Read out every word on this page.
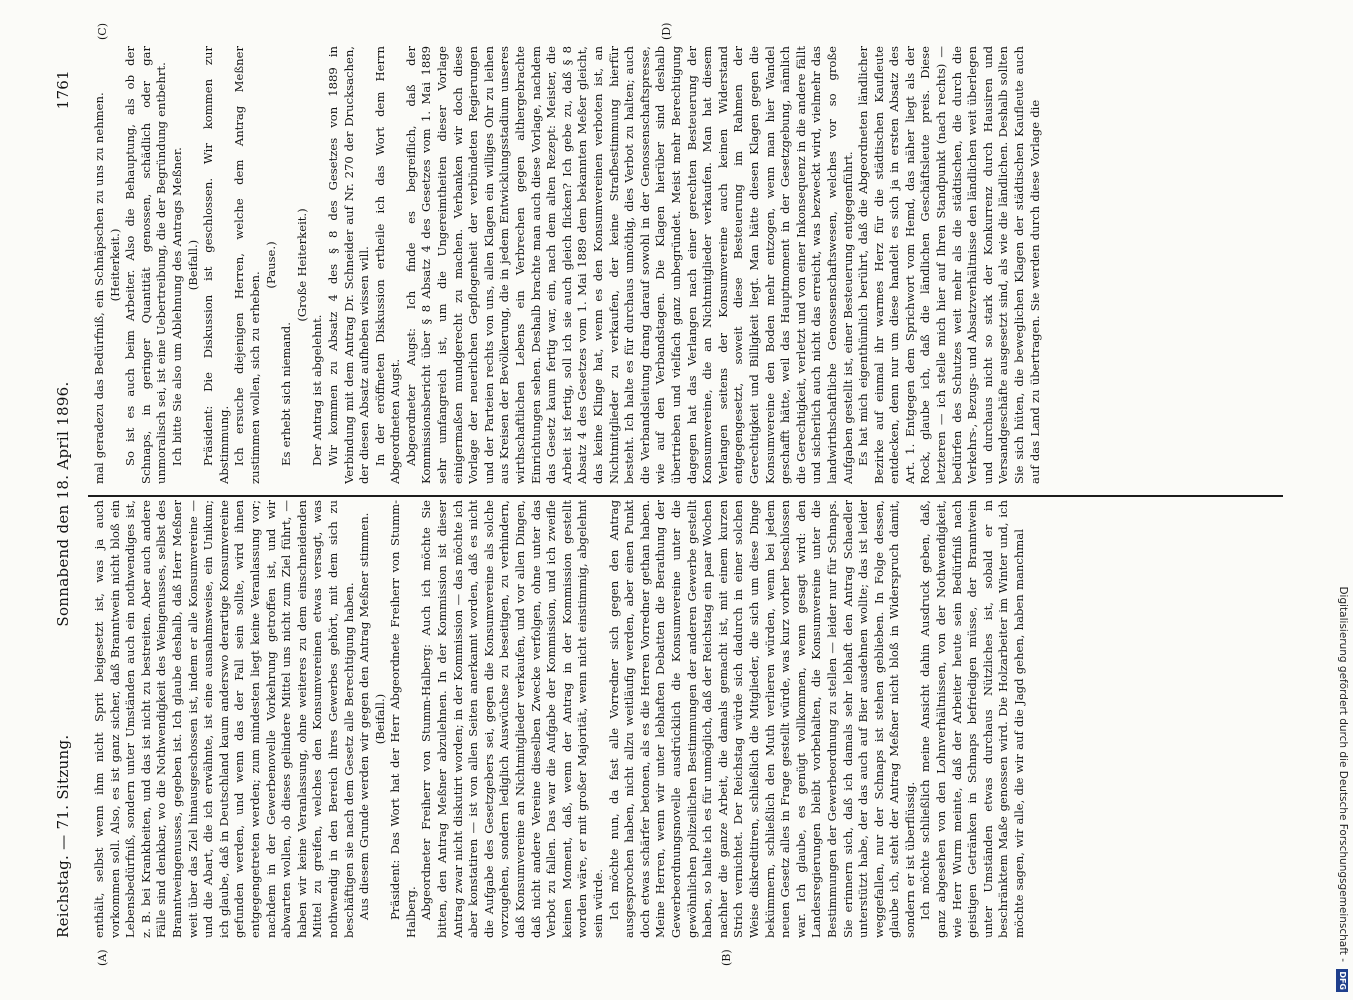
Reichstag. — 71. Sitzung.
Sonnabend den 18. April 1896.
1761
(A)	(B)
(C)	(D)

enthält, selbst wenn ihm nicht Sprit beigesetzt ist, was ja auch vorkommen soll. Also, es ist ganz sicher, daß Branntwein nicht bloß ein Lebensbedürfniß, sondern unter Umständen auch ein nothwendiges ist, z. B. bei Krankheiten, und das ist nicht zu bestreiten. Aber auch andere Fälle sind denkbar, wo die Nothwendigkeit des Weingenusses, selbst des Branntweingenusses, gegeben ist. Ich glaube deshalb, daß Herr Meßner weit über das Ziel hinausgeschossen ist, indem er alle Konsumvereine — und die Abart, die ich erwähnte, ist eine ausnahmsweise, ein Unikum; ich glaube, daß in Deutschland kaum anderswo derartige Konsumvereine gefunden werden, und wenn das der Fall sein sollte, wird ihnen entgegengetreten werden; zum mindesten liegt keine Veranlassung vor; nachdem in der Gewerbenovelle Vorkehrung getroffen ist, und wir abwarten wollen, ob dieses gelindere Mittel uns nicht zum Ziel führt, — haben wir keine Veranlassung, ohne weiteres zu dem einschneidenden Mittel zu greifen, welches den Konsumvereinen etwas versagt, was nothwendig in den Bereich ihres Gewerbes gehört, mit dem sich zu beschäftigen sie nach dem Gesetz alle Berechtigung haben. Aus diesem Grunde werden wir gegen den Antrag Meßner stimmen. (Beifall.) Präsident: Das Wort hat der Herr Abgeordnete Freiherr von Stumm-Halberg. Abgeordneter Freiherr von Stumm-Halberg: Auch ich möchte Sie bitten, den Antrag Meßner abzulehnen. In der Kommission ist dieser Antrag zwar nicht diskutirt worden; in der Kommission — das möchte ich aber konstatiren — ist von allen Seiten anerkannt worden, daß es nicht die Aufgabe des Gesetzgebers sei, gegen die Konsumvereine als solche vorzugehen, sondern lediglich Auswüchse zu beseitigen, zu verhindern, daß Konsumvereine an Nichtmitglieder verkaufen, und vor allen Dingen, daß nicht andere Vereine dieselben Zwecke verfolgen, ohne unter das Verbot zu fallen. Das war die Aufgabe der Kommission, und ich zweifle keinen Moment, daß, wenn der Antrag in der Kommission gestellt worden wäre, er mit großer Majorität, wenn nicht einstimmig, abgelehnt sein würde. Ich möchte nun, da fast alle Vorredner sich gegen den Antrag ausgesprochen haben, nicht allzu weitläufig werden, aber einen Punkt doch etwas schärfer betonen, als es die Herren Vorredner gethan haben. Meine Herren, wenn wir unter lebhaften Debatten die Berathung der Gewerbeordnungsnovelle ausdrücklich die Konsumvereine unter die gewöhnlichen polizeilichen Bestimmungen der anderen Gewerbe gestellt haben, so halte ich es für unmöglich, daß der Reichstag ein paar Wochen nachher die ganze Arbeit, die damals gemacht ist, mit einem kurzen Strich vernichtet. Der Reichstag würde sich dadurch in einer solchen Weise diskreditiren, schließlich die Mitglieder, die sich um diese Dinge bekümmern, schließlich den Muth verlieren würden, wenn bei jedem neuen Gesetz alles in Frage gestellt würde, was kurz vorher beschlossen war. Ich glaube, es genügt vollkommen, wenn gesagt wird: den Landesregierungen bleibt vorbehalten, die Konsumvereine unter die Bestimmungen der Gewerbeordnung zu stellen — leider nur für Schnaps. Sie erinnern sich, daß ich damals sehr lebhaft den Antrag Schaedler unterstützt habe, der das auch auf Bier ausdehnen wollte; das ist leider weggefallen, nur der Schnaps ist stehen geblieben. In Folge dessen, glaube ich, steht der Antrag Meßner nicht bloß in Widerspruch damit, sondern er ist überflüssig. Ich möchte schließlich meine Ansicht dahin Ausdruck geben, daß, ganz abgesehen von den Lohnverhältnissen, von der Nothwendigkeit, wie Herr Wurm meinte, daß der Arbeiter heute sein Bedürfniß nach geistigen Getränken in Schnaps befriedigen müsse, der Branntwein unter Umständen etwas durchaus Nützliches ist, sobald er in beschränktem Maße genossen wird. Die Holzarbeiter im Winter und, ich möchte sagen, wir alle, die wir auf die Jagd gehen, haben manchmal

mal geradezu das Bedürfniß, ein Schnäpschen zu uns zu nehmen. (Heiterkeit.) So ist es auch beim Arbeiter. Also die Behauptung, als ob der Schnaps, in geringer Quantität genossen, schädlich oder gar unmoralisch sei, ist eine Uebertreibung, die der Begründung entbehrt. Ich bitte Sie also um Ablehnung des Antrags Meßner. (Beifall.) Präsident: Die Diskussion ist geschlossen. Wir kommen zur Abstimmung. Ich ersuche diejenigen Herren, welche dem Antrag Meßner zustimmen wollen, sich zu erheben.

(Pause.)

Es erhebt sich niemand.

(Große Heiterkeit.)

Der Antrag ist abgelehnt. Wir kommen zu Absatz 4 des § 8 des Gesetzes von 1889 in Verbindung mit dem Antrag Dr. Schneider auf Nr. 270 der Drucksachen, der diesen Absatz aufheben wissen will. In der eröffneten Diskussion ertheile ich das Wort dem Herrn Abgeordneten Augst. Abgeordneter Augst: Ich finde es begreiflich, daß der Kommissionsbericht über § 8 Absatz 4 des Gesetzes vom 1. Mai 1889 sehr umfangreich ist, um die Ungereimtheiten dieser Vorlage einigermaßen mundgerecht zu machen. Verbanken wir doch diese Vorlage der neuerlichen Gepflogenheit der verbündeten Regierungen und der Parteien rechts von uns, allen Klagen ein williges Ohr zu leihen aus Kreisen der Bevölkerung, die in jedem Entwicklungsstadium unseres wirthschaftlichen Lebens ein Verbrechen gegen althergebrachte Einrichtungen sehen. Deshalb brachte man auch diese Vorlage, nachdem das Gesetz kaum fertig war, ein, nach dem alten Rezept: Meister, die Arbeit ist fertig, soll ich sie auch gleich flicken? Ich gebe zu, daß § 8 Absatz 4 des Gesetzes vom 1. Mai 1889 dem bekannten Meßer gleicht, das keine Klinge hat, wenn es den Konsumvereinen verboten ist, an Nichtmitglieder zu verkaufen, der keine Strafbestimmung hierfür besteht. Ich halte es für durchaus unnöthig, dies Verbot zu halten; auch die Verbandsleitung drang darauf sowohl in der Genossenschaftspresse, wie auf den Verbandstagen. Die Klagen hierüber sind deshalb übertrieben und vielfach ganz unbegründet. Meist mehr Berechtigung dagegen hat das Verlangen nach einer gerechten Besteuerung der Konsumvereine, die an Nichtmitglieder verkaufen. Man hat diesem Verlangen seitens der Konsumvereine auch keinen Widerstand entgegengesetzt, soweit diese Besteuerung im Rahmen der Gerechtigkeit und Billigkeit liegt. Man hätte diesen Klagen gegen die Konsumvereine den Boden mehr entzogen, wenn man hier Wandel geschafft hätte, weil das Hauptmoment in der Gesetzgebung, nämlich die Gerechtigkeit, verletzt und von einer Inkonsequenz in die andere fällt und sicherlich auch nicht das erreicht, was bezweckt wird, vielmehr das landwirthschaftliche Genossenschaftswesen, welches vor so große Aufgaben gestellt ist, einer Besteuerung entgegenführt. Es hat mich eigenthümlich berührt, daß die Abgeordneten ländlicher Bezirke auf einmal ihr warmes Herz für die städtischen Kaufleute entdecken, denn nur um diese handelt es sich ja in ersten Absatz des Art. 1. Entgegen dem Sprichwort vom Hemd, das näher liegt als der Rock, glaube ich, daß die ländlichen Geschäftsleute preis. Diese letzteren — ich stelle mich hier auf Ihren Standpunkt (nach rechts) — bedürfen des Schutzes weit mehr als die städtischen, die durch die Verkehrs-, Bezugs- und Absatzverhältnisse den ländlichen weit überlegen und durchaus nicht so stark der Konkurrenz durch Hausiren und Versandgeschäfte ausgesetzt sind, als wie die ländlichen. Deshalb sollten Sie sich hüten, die beweglichen Klagen der städtischen Kaufleute auch auf das Land zu übertragen. Sie werden durch diese Vorlage die

Digitalisierung gefördert durch die Deutsche Forschungsgemeinschaft - DFG
